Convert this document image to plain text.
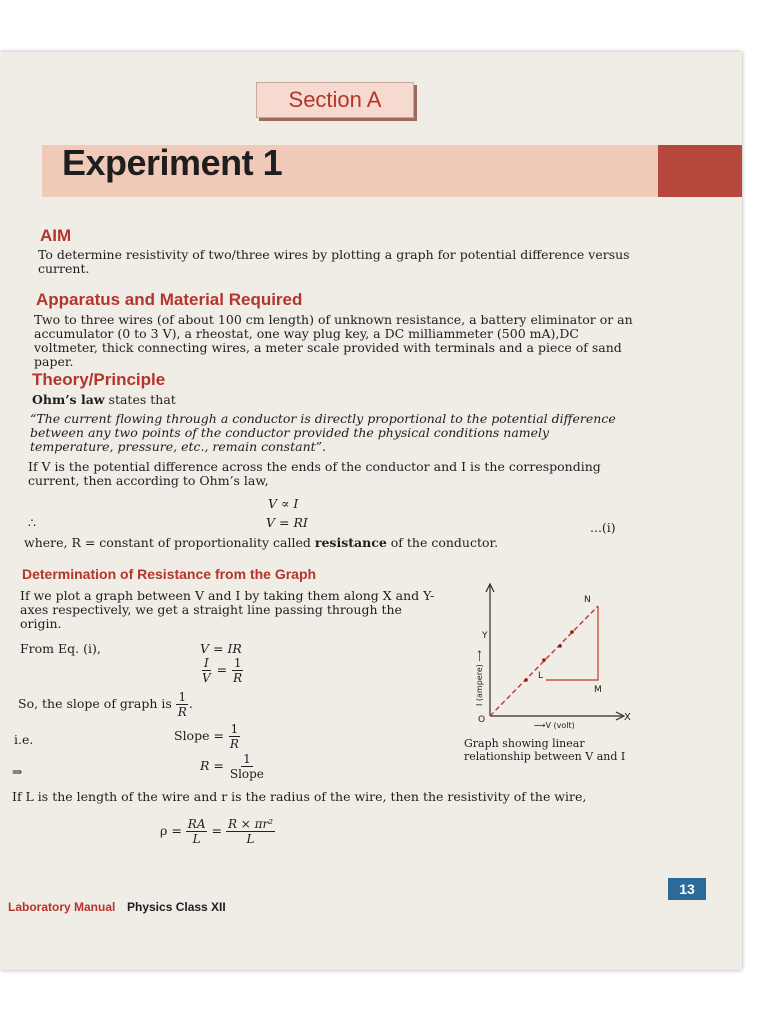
Section A
Experiment 1
AIM

To determine resistivity of two/three wires by plotting a graph for potential difference versus current.

Apparatus and Material Required

Two to three wires (of about 100 cm length) of unknown resistance, a battery eliminator or an accumulator (0 to 3 V), a rheostat, one way plug key, a DC milliammeter (500 mA),DC voltmeter, thick connecting wires, a meter scale provided with terminals and a piece of sand paper.

Theory/Principle

Ohm’s law states that

“The current flowing through a conductor is directly proportional to the potential difference between any two points of the conductor provided the physical conditions namely temperature, pressure, etc., remain constant”.

If V is the potential difference across the ends of the conductor and I is the corresponding current, then according to Ohm’s law,

V ∝ I
∴	V = RI	...(i)

where, R = constant of proportionality called resistance of the conductor.

Determination of Resistance from the Graph

If we plot a graph between V and I by taking them along X and Y-axes respectively, we get a straight line passing through the origin.

From Eq. (i),	V = IR
$\frac{I}{V} = \frac{1}{R}$
So, the slope of graph is $\frac{1}{R}$ .
i.e.	Slope = $\frac{1}{R}$
⇒	$R = \frac{1}{\text{Slope}}$

If L is the length of the wire and r is the radius of the wire, then the resistivity of the wire,

$\rho = \frac{RA}{L} = \frac{\text{R × πr²}}{L}$
Y
X
O
N
L
M
I (ampere) ⟶
⟶V (volt)

Graph showing linear relationship between V and I

13
Laboratory Manual Physics Class XII
